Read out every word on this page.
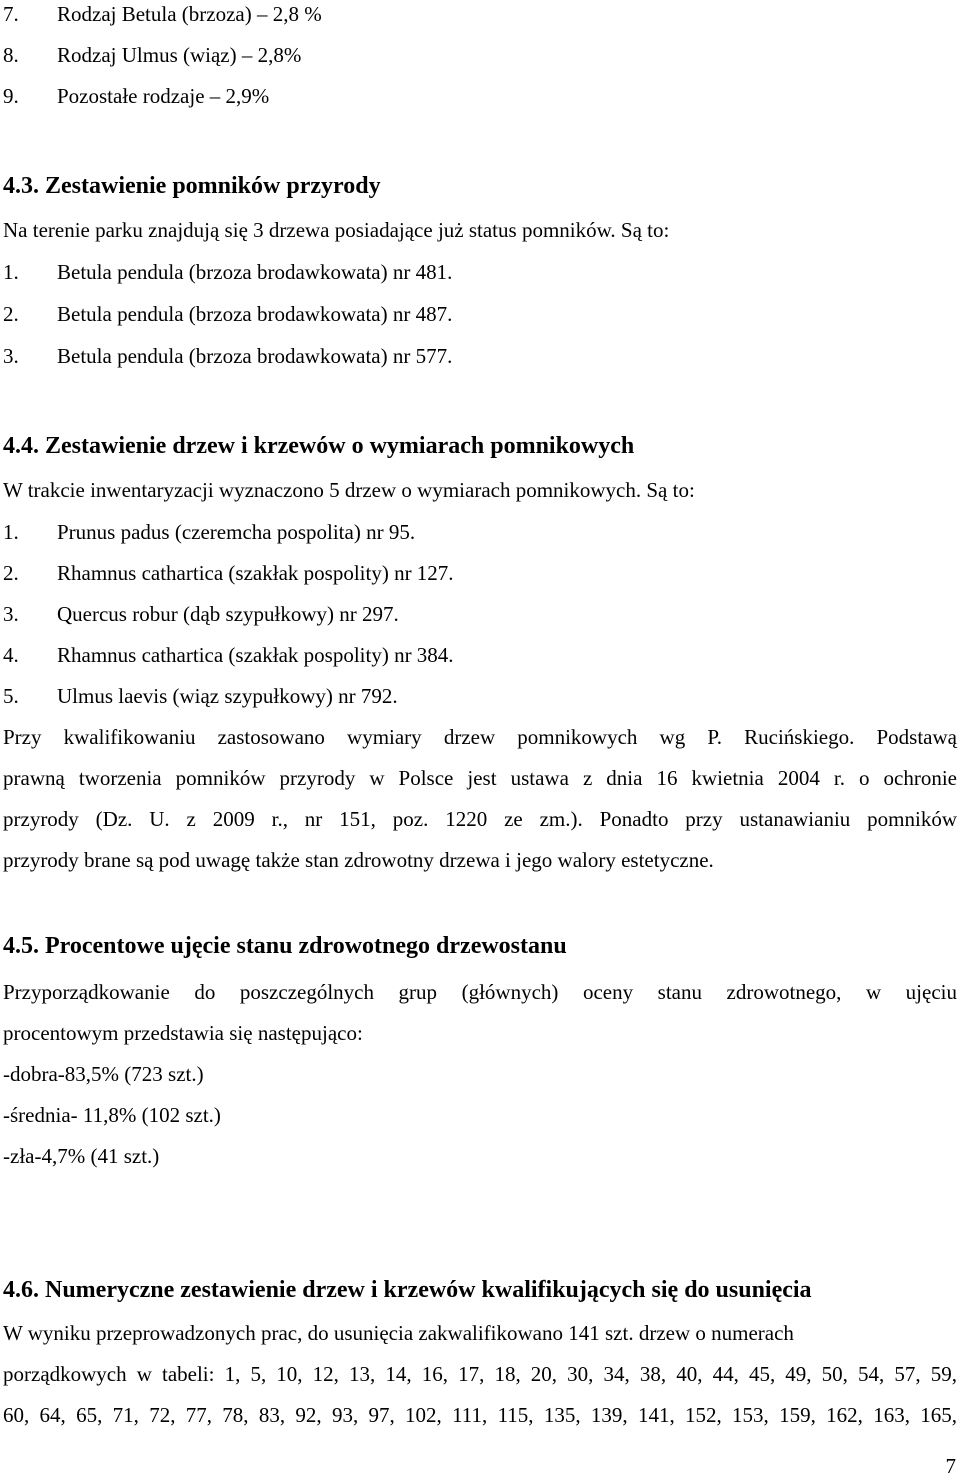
7. Rodzaj Betula (brzoza) – 2,8 %
8. Rodzaj Ulmus (wiąz) – 2,8%
9. Pozostałe rodzaje – 2,9%
4.3. Zestawienie pomników przyrody
Na terenie parku znajdują się 3 drzewa posiadające już status pomników. Są to:
1. Betula pendula (brzoza brodawkowata) nr 481.
2. Betula pendula (brzoza brodawkowata) nr 487.
3. Betula pendula (brzoza brodawkowata) nr 577.
4.4. Zestawienie drzew i krzewów o wymiarach pomnikowych
W trakcie inwentaryzacji wyznaczono 5 drzew o wymiarach pomnikowych. Są to:
1. Prunus padus (czeremcha pospolita) nr 95.
2. Rhamnus cathartica (szakłak pospolity) nr 127.
3. Quercus robur (dąb szypułkowy) nr 297.
4. Rhamnus cathartica (szakłak pospolity) nr 384.
5. Ulmus laevis (wiąz szypułkowy) nr 792.
Przy kwalifikowaniu zastosowano wymiary drzew pomnikowych wg P. Rucińskiego. Podstawą
prawną tworzenia pomników przyrody w Polsce jest ustawa z dnia 16 kwietnia 2004 r. o ochronie
przyrody (Dz. U. z 2009 r., nr 151, poz. 1220 ze zm.). Ponadto przy ustanawianiu pomników
przyrody brane są pod uwagę także stan zdrowotny drzewa i jego walory estetyczne.
4.5. Procentowe ujęcie stanu zdrowotnego drzewostanu
Przyporządkowanie do poszczególnych grup (głównych) oceny stanu zdrowotnego, w ujęciu
procentowym przedstawia się następująco:
-dobra-83,5% (723 szt.)
-średnia- 11,8% (102 szt.)
-zła-4,7% (41 szt.)
4.6. Numeryczne zestawienie drzew i krzewów kwalifikujących się do usunięcia
W wyniku przeprowadzonych prac, do usunięcia zakwalifikowano 141 szt. drzew o numerach
porządkowych w tabeli: 1, 5, 10, 12, 13, 14, 16, 17, 18, 20, 30, 34, 38, 40, 44, 45, 49, 50, 54, 57, 59,
60, 64, 65, 71, 72, 77, 78, 83, 92, 93, 97, 102, 111, 115, 135, 139, 141, 152, 153, 159, 162, 163, 165,
7
